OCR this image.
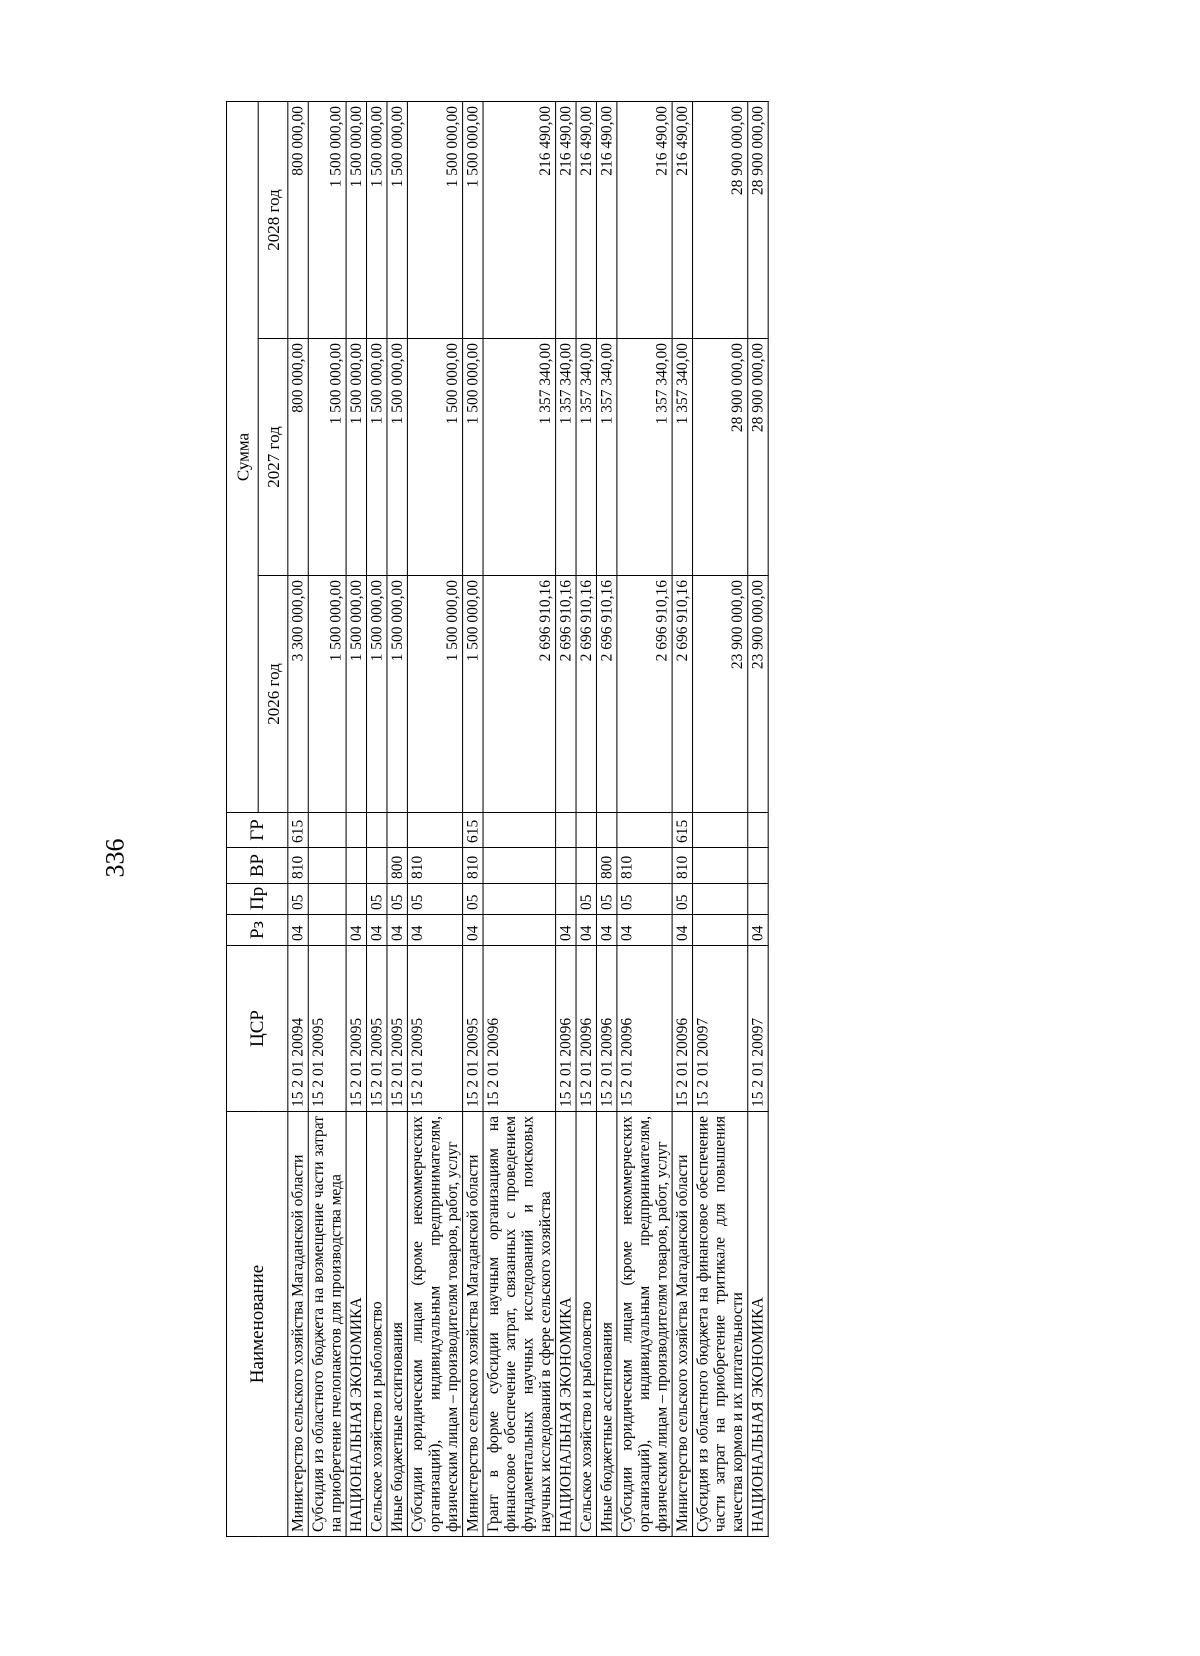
336
Наименование	ЦСР	Рз	Пр	ВР	ГР	Сумма		
						2026 год	2027 год	2028 год
Министерство сельского хозяйства Магаданской области	15 2 01 20094	04	05	810	615	3 300 000,00	800 000,00	800 000,00
Субсидия из областного бюджета на возмещение части затрат на приобретение пчелопакетов для производства меда	15 2 01 20095					1 500 000,00	1 500 000,00	1 500 000,00
НАЦИОНАЛЬНАЯ ЭКОНОМИКА	15 2 01 20095	04				1 500 000,00	1 500 000,00	1 500 000,00
Сельское хозяйство и рыболовство	15 2 01 20095	04	05			1 500 000,00	1 500 000,00	1 500 000,00
Иные бюджетные ассигнования	15 2 01 20095	04	05	800		1 500 000,00	1 500 000,00	1 500 000,00
Субсидии юридическим лицам (кроме некоммерческих организаций), индивидуальным предпринимателям, физическим лицам – производителям товаров, работ, услуг	15 2 01 20095	04	05	810		1 500 000,00	1 500 000,00	1 500 000,00
Министерство сельского хозяйства Магаданской области	15 2 01 20095	04	05	810	615	1 500 000,00	1 500 000,00	1 500 000,00
Грант в форме субсидии научным организациям на финансовое обеспечение затрат, связанных с проведением фундаментальных научных исследований и поисковых научных исследований в сфере сельского хозяйства	15 2 01 20096					2 696 910,16	1 357 340,00	216 490,00
НАЦИОНАЛЬНАЯ ЭКОНОМИКА	15 2 01 20096	04				2 696 910,16	1 357 340,00	216 490,00
Сельское хозяйство и рыболовство	15 2 01 20096	04	05			2 696 910,16	1 357 340,00	216 490,00
Иные бюджетные ассигнования	15 2 01 20096	04	05	800		2 696 910,16	1 357 340,00	216 490,00
Субсидии юридическим лицам (кроме некоммерческих организаций), индивидуальным предпринимателям, физическим лицам – производителям товаров, работ, услуг	15 2 01 20096	04	05	810		2 696 910,16	1 357 340,00	216 490,00
Министерство сельского хозяйства Магаданской области	15 2 01 20096	04	05	810	615	2 696 910,16	1 357 340,00	216 490,00
Субсидия из областного бюджета на финансовое обеспечение части затрат на приобретение тритикале для повышения качества кормов и их питательности	15 2 01 20097					23 900 000,00	28 900 000,00	28 900 000,00
НАЦИОНАЛЬНАЯ ЭКОНОМИКА	15 2 01 20097	04				23 900 000,00	28 900 000,00	28 900 000,00
